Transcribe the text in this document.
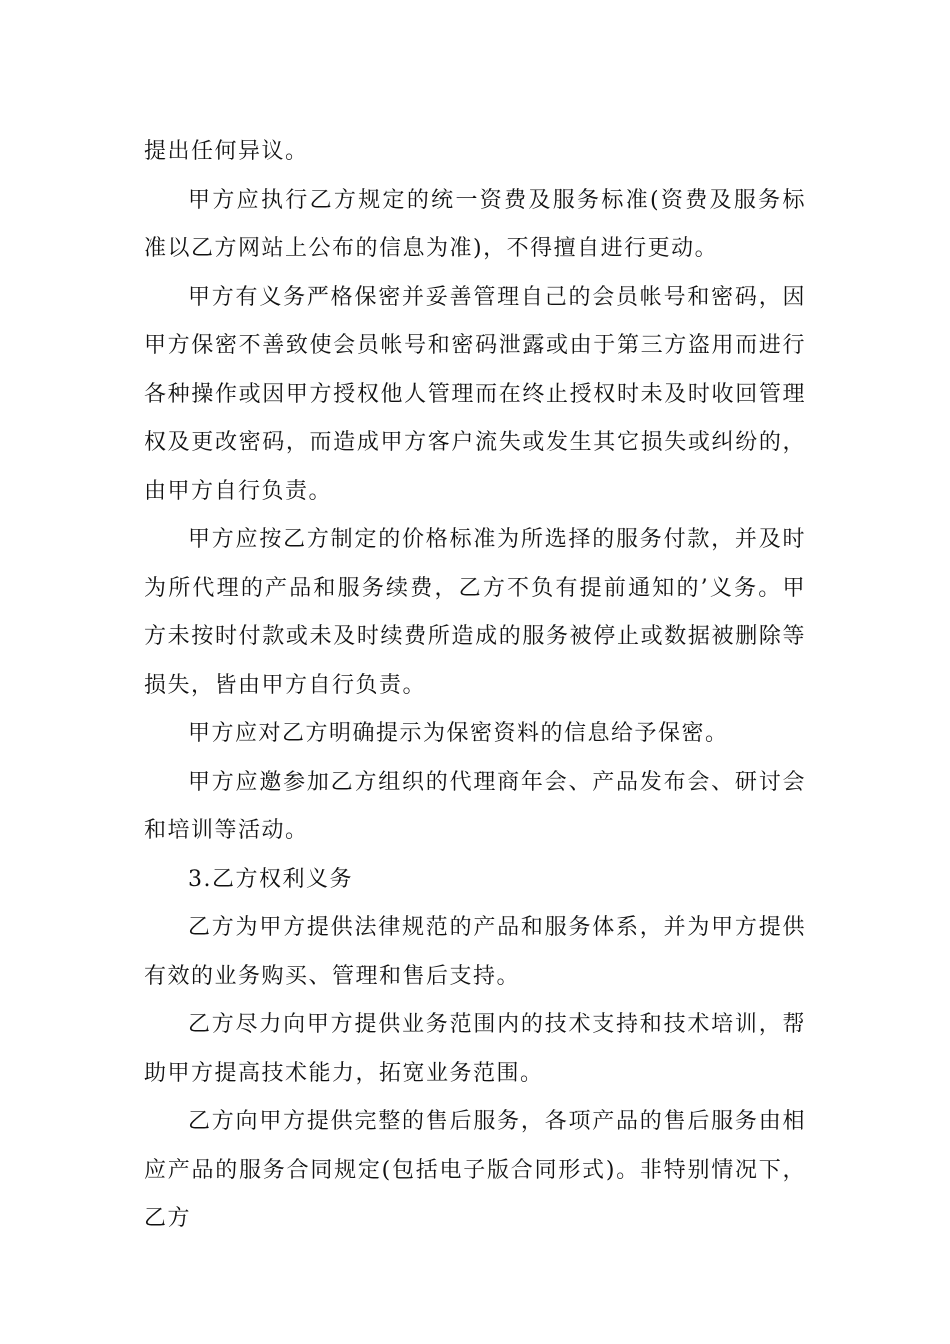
提出任何异议。

甲方应执行乙方规定的统一资费及服务标准(资费及服务标准以乙方网站上公布的信息为准)，不得擅自进行更动。

甲方有义务严格保密并妥善管理自己的会员帐号和密码，因甲方保密不善致使会员帐号和密码泄露或由于第三方盗用而进行各种操作或因甲方授权他人管理而在终止授权时未及时收回管理权及更改密码，而造成甲方客户流失或发生其它损失或纠纷的，由甲方自行负责。

甲方应按乙方制定的价格标准为所选择的服务付款，并及时为所代理的产品和服务续费，乙方不负有提前通知的’义务。甲方未按时付款或未及时续费所造成的服务被停止或数据被删除等损失，皆由甲方自行负责。

甲方应对乙方明确提示为保密资料的信息给予保密。

甲方应邀参加乙方组织的代理商年会、产品发布会、研讨会和培训等活动。

3.乙方权利义务

乙方为甲方提供法律规范的产品和服务体系，并为甲方提供有效的业务购买、管理和售后支持。

乙方尽力向甲方提供业务范围内的技术支持和技术培训，帮助甲方提高技术能力，拓宽业务范围。

乙方向甲方提供完整的售后服务，各项产品的售后服务由相应产品的服务合同规定(包括电子版合同形式)。非特别情况下，乙方
